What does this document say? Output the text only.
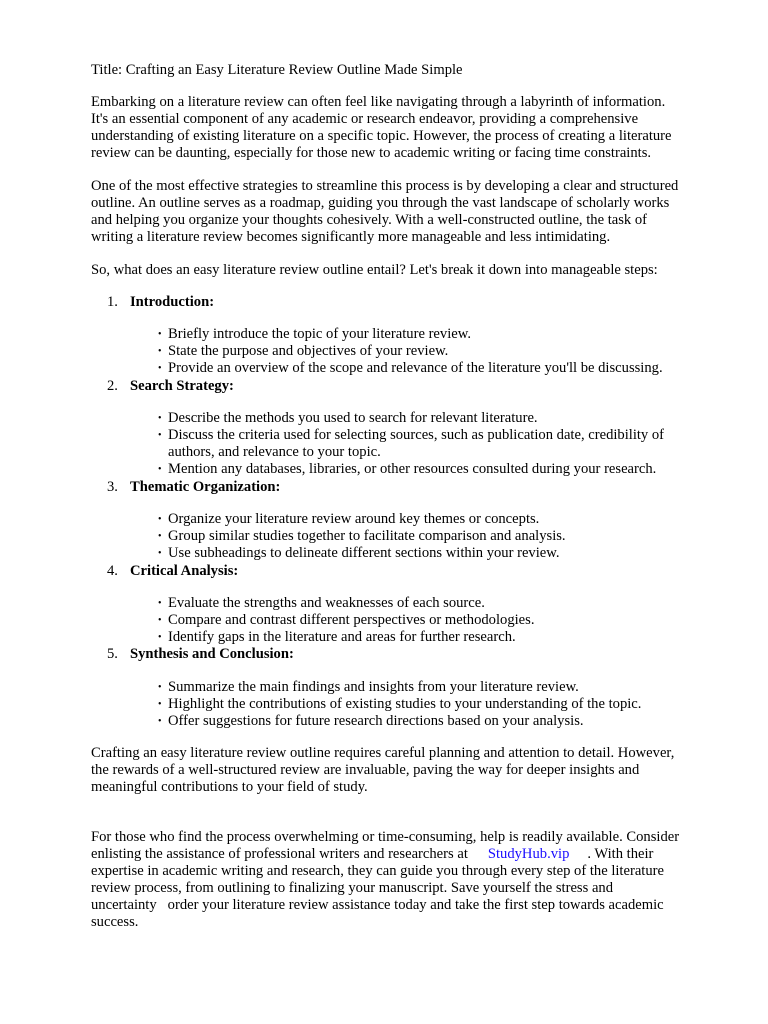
Title: Crafting an Easy Literature Review Outline Made Simple
Embarking on a literature review can often feel like navigating through a labyrinth of information.
It's an essential component of any academic or research endeavor, providing a comprehensive
understanding of existing literature on a specific topic. However, the process of creating a literature
review can be daunting, especially for those new to academic writing or facing time constraints.
One of the most effective strategies to streamline this process is by developing a clear and structured
outline. An outline serves as a roadmap, guiding you through the vast landscape of scholarly works
and helping you organize your thoughts cohesively. With a well-constructed outline, the task of
writing a literature review becomes significantly more manageable and less intimidating.
So, what does an easy literature review outline entail? Let's break it down into manageable steps:
1. Introduction:
• Briefly introduce the topic of your literature review.
• State the purpose and objectives of your review.
• Provide an overview of the scope and relevance of the literature you'll be discussing.
2. Search Strategy:
• Describe the methods you used to search for relevant literature.
• Discuss the criteria used for selecting sources, such as publication date, credibility of
authors, and relevance to your topic.
• Mention any databases, libraries, or other resources consulted during your research.
3. Thematic Organization:
• Organize your literature review around key themes or concepts.
• Group similar studies together to facilitate comparison and analysis.
• Use subheadings to delineate different sections within your review.
4. Critical Analysis:
• Evaluate the strengths and weaknesses of each source.
• Compare and contrast different perspectives or methodologies.
• Identify gaps in the literature and areas for further research.
5. Synthesis and Conclusion:
• Summarize the main findings and insights from your literature review.
• Highlight the contributions of existing studies to your understanding of the topic.
• Offer suggestions for future research directions based on your analysis.
Crafting an easy literature review outline requires careful planning and attention to detail. However,
the rewards of a well-structured review are invaluable, paving the way for deeper insights and
meaningful contributions to your field of study.
For those who find the process overwhelming or time-consuming, help is readily available. Consider
enlisting the assistance of professional writers and researchers at StudyHub.vip . With their
expertise in academic writing and research, they can guide you through every step of the literature
review process, from outlining to finalizing your manuscript. Save yourself the stress and
uncertainty order your literature review assistance today and take the first step towards academic
success.
